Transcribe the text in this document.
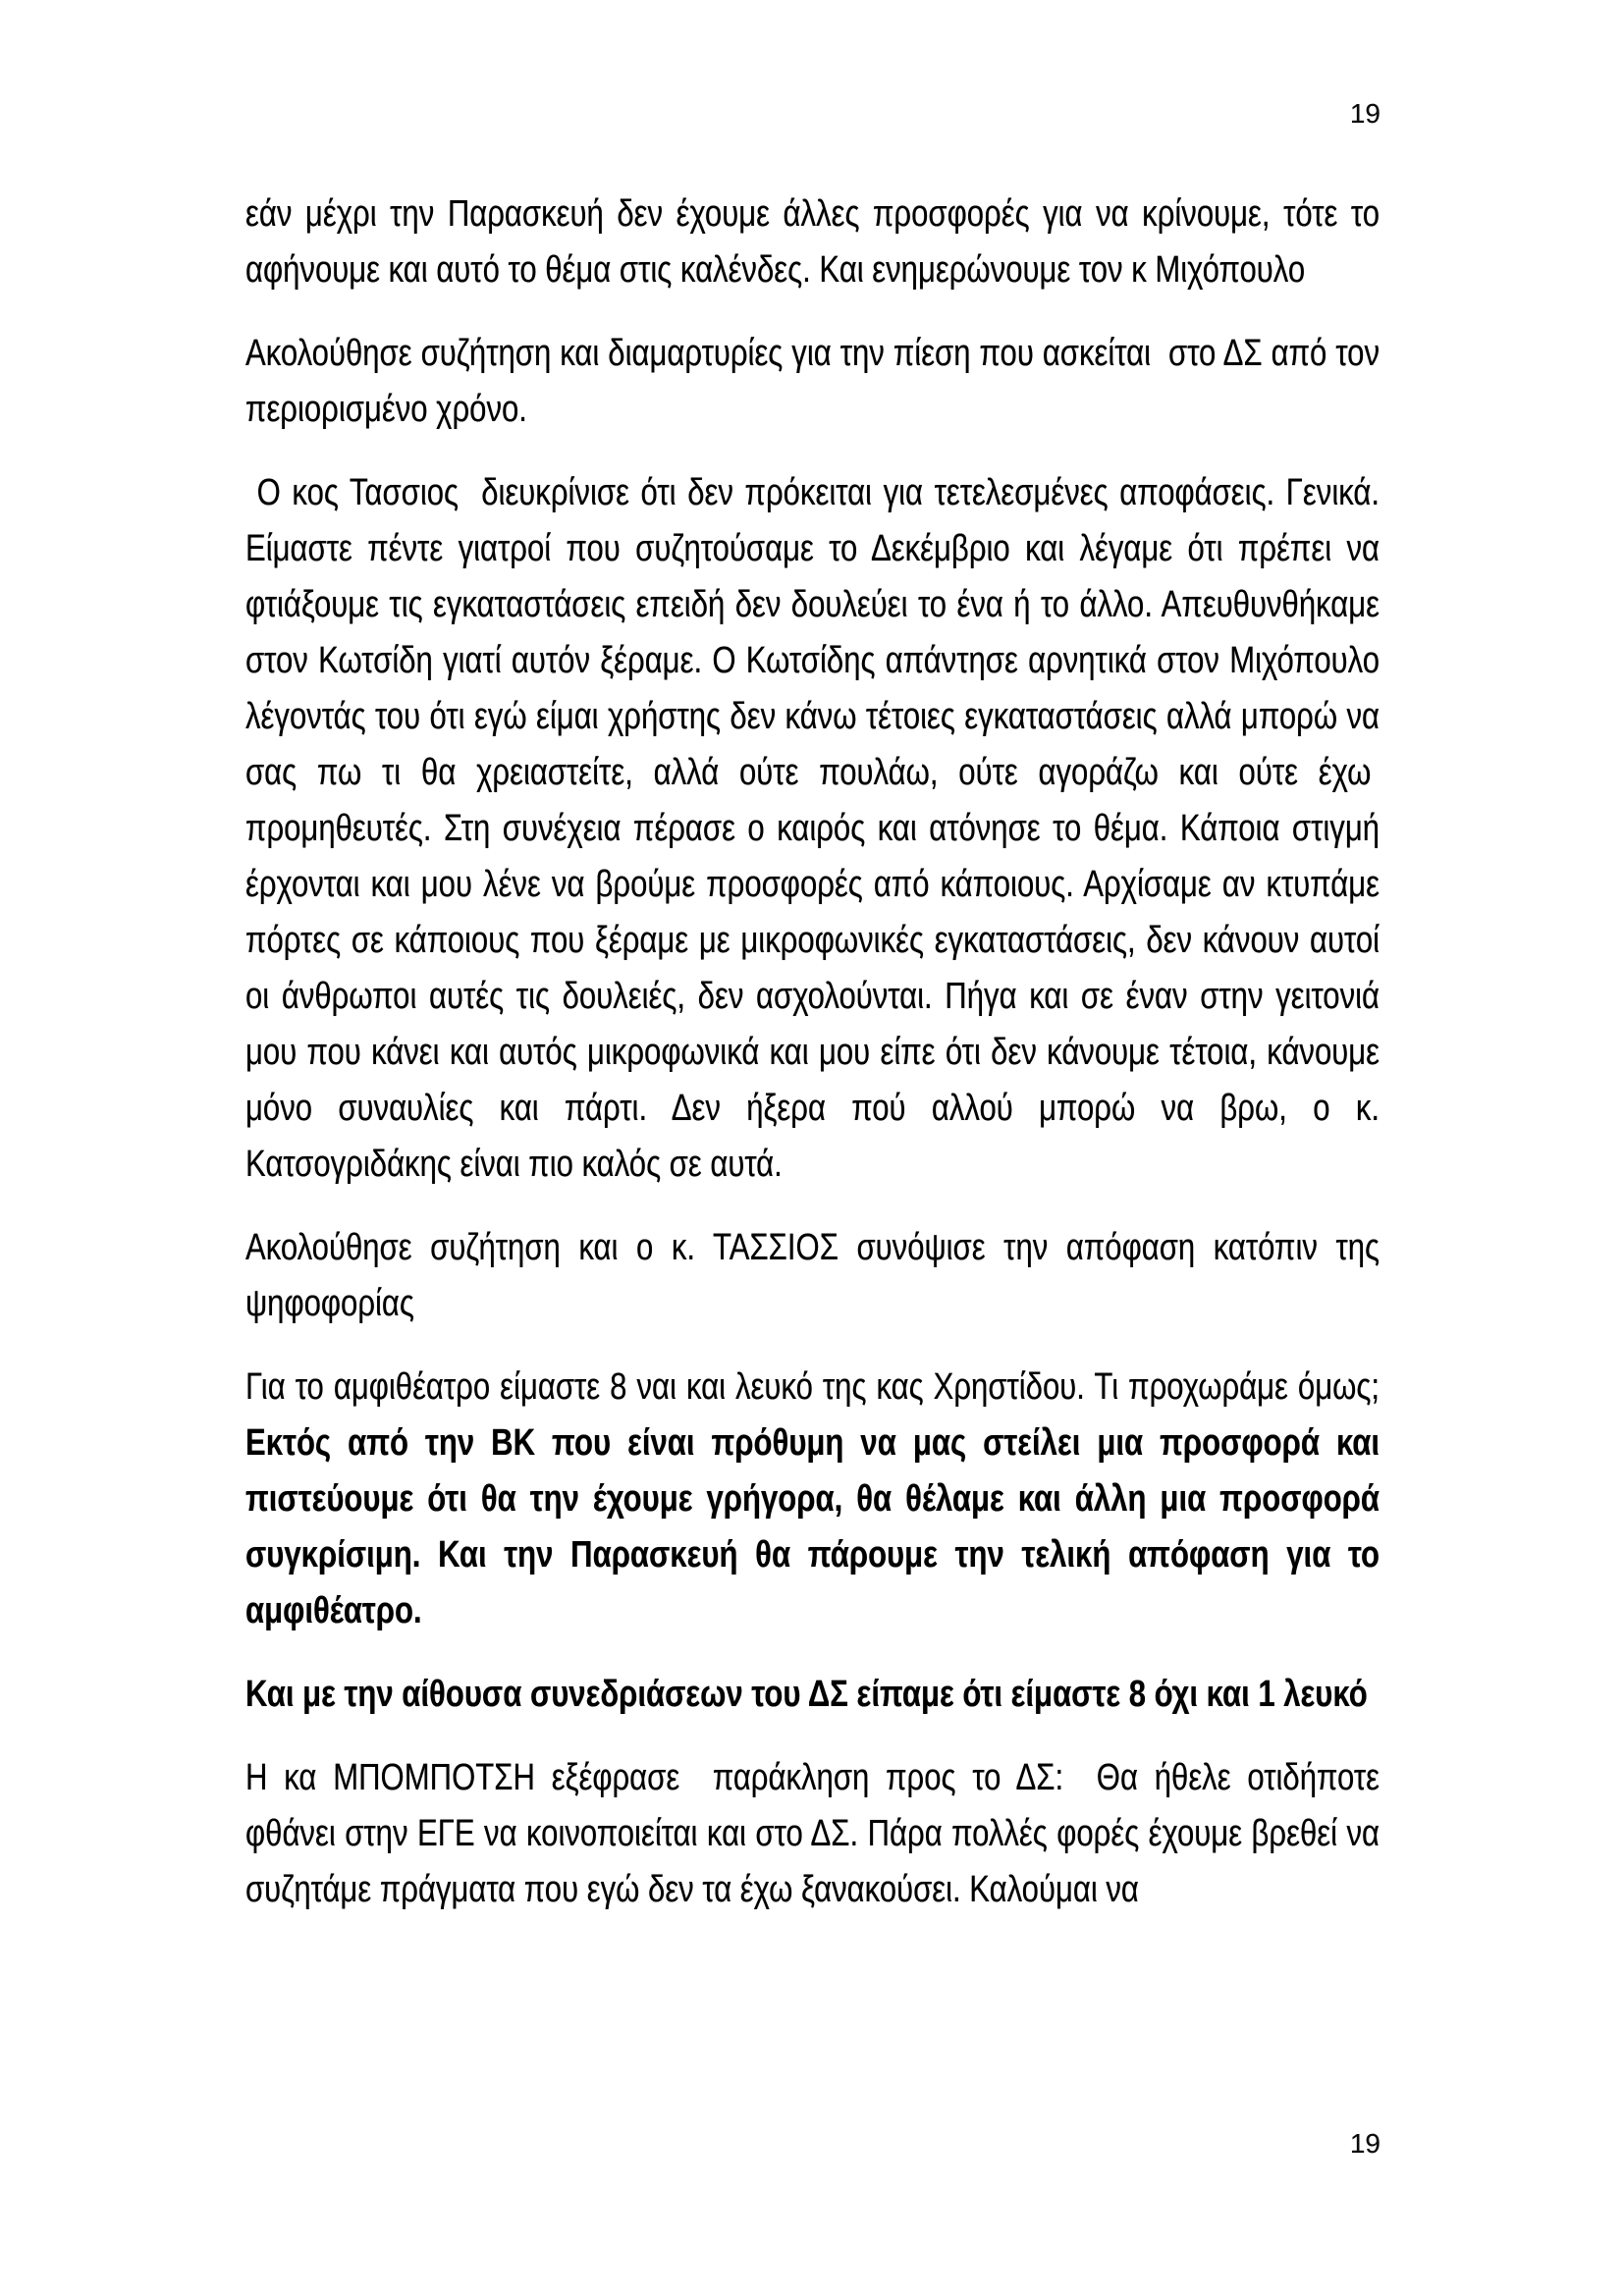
19

εάν μέχρι την Παρασκευή δεν έχουμε άλλες προσφορές για να κρίνουμε, τότε το αφήνουμε και αυτό το θέμα στις καλένδες. Και ενημερώνουμε τον κ Μιχόπουλο

Ακολούθησε συζήτηση και διαμαρτυρίες για την πίεση που ασκείται  στο ΔΣ από τον περιορισμένο χρόνο.

Ο κος Τασσιος  διευκρίνισε ότι δεν πρόκειται για τετελεσμένες αποφάσεις. Γενικά. Είμαστε πέντε γιατροί που συζητούσαμε το Δεκέμβριο και λέγαμε ότι πρέπει να φτιάξουμε τις εγκαταστάσεις επειδή δεν δουλεύει το ένα ή το άλλο. Απευθυνθήκαμε στον Κωτσίδη γιατί αυτόν ξέραμε. Ο Κωτσίδης απάντησε αρνητικά στον Μιχόπουλο λέγοντάς του ότι εγώ είμαι χρήστης δεν κάνω τέτοιες εγκαταστάσεις αλλά μπορώ να σας πω τι θα χρειαστείτε, αλλά ούτε πουλάω, ούτε αγοράζω και ούτε έχω  προμηθευτές. Στη συνέχεια πέρασε ο καιρός και ατόνησε το θέμα. Κάποια στιγμή έρχονται και μου λένε να βρούμε προσφορές από κάποιους. Αρχίσαμε αν κτυπάμε πόρτες σε κάποιους που ξέραμε με μικροφωνικές εγκαταστάσεις, δεν κάνουν αυτοί οι άνθρωποι αυτές τις δουλειές, δεν ασχολούνται. Πήγα και σε έναν στην γειτονιά μου που κάνει και αυτός μικροφωνικά και μου είπε ότι δεν κάνουμε τέτοια, κάνουμε μόνο συναυλίες και πάρτι. Δεν ήξερα πού αλλού μπορώ να βρω, ο κ. Κατσογριδάκης είναι πιο καλός σε αυτά.

Ακολούθησε συζήτηση και ο κ. ΤΑΣΣΙΟΣ συνόψισε την απόφαση κατόπιν της ψηφοφορίας

Για το αμφιθέατρο είμαστε 8 ναι και λευκό της κας Χρηστίδου. Τι προχωράμε όμως; Εκτός από την ΒΚ που είναι πρόθυμη να μας στείλει μια προσφορά και πιστεύουμε ότι θα την έχουμε γρήγορα, θα θέλαμε και άλλη μια προσφορά συγκρίσιμη. Και την Παρασκευή θα πάρουμε την τελική απόφαση για το αμφιθέατρο.

Και με την αίθουσα συνεδριάσεων του ΔΣ είπαμε ότι είμαστε 8 όχι και 1 λευκό

Η κα ΜΠΟΜΠΟΤΣΗ εξέφρασε  παράκληση προς το ΔΣ:  Θα ήθελε οτιδήποτε φθάνει στην ΕΓΕ να κοινοποιείται και στο ΔΣ. Πάρα πολλές φορές έχουμε βρεθεί να συζητάμε πράγματα που εγώ δεν τα έχω ξανακούσει. Καλούμαι να

19
